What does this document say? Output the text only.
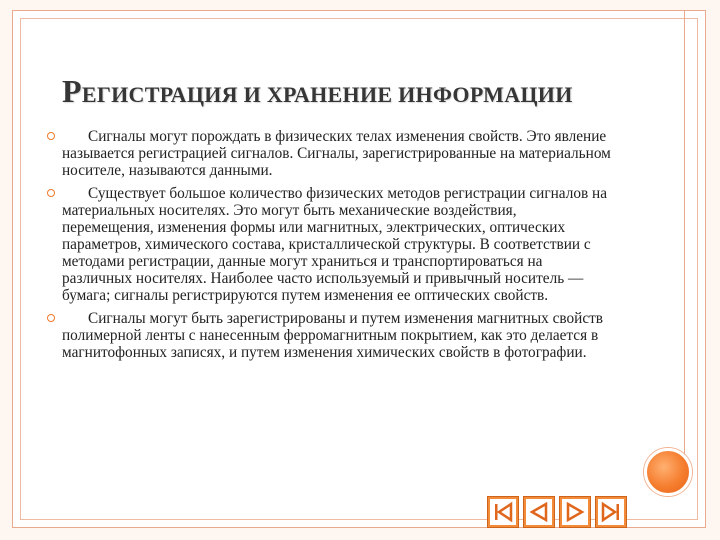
РЕГИСТРАЦИЯ И ХРАНЕНИЕ ИНФОРМАЦИИ
Сигналы могут порождать в физических телах изменения свойств. Это явление называется регистрацией сигналов. Сигналы, зарегистрированные на материальном носителе, называются данными.
Существует большое количество физических методов регистрации сигналов на материальных носителях. Это могут быть механические воздействия, перемещения, изменения формы или магнитных, электрических, оптических параметров, химического состава, кристаллической структуры. В соответствии с методами регистрации, данные могут храниться и транспортироваться на различных носителях. Наиболее часто используемый и привычный носитель — бумага; сигналы регистрируются путем изменения ее оптических свойств.
Сигналы могут быть зарегистрированы и путем изменения магнитных свойств полимерной ленты с нанесенным ферромагнитным покрытием, как это делается в магнитофонных записях, и путем изменения химических свойств в фотографии.
